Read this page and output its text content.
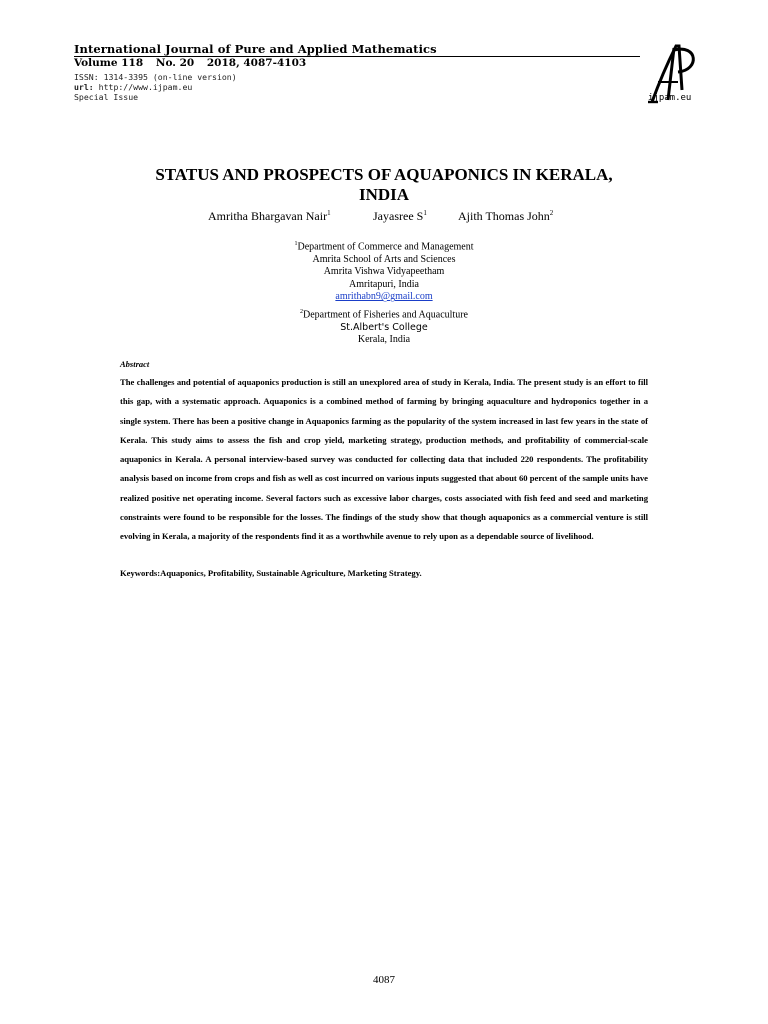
International Journal of Pure and Applied Mathematics
Volume 118 No. 20 2018, 4087-4103
ISSN: 1314-3395 (on-line version)
url: http://www.ijpam.eu
Special Issue	ijpam.eu
STATUS AND PROSPECTS OF AQUAPONICS IN KERALA,
INDIA
Amritha Bhargavan Nair$^1$	Jayasree $S^1$	Ajith Thomas John$^2$
$^1$Department of Commerce and Management
Amrita School of Arts and Sciences
Amrita Vishwa Vidyapeetham
Amritapuri, India
amrithabn9@gmail.com
$^2$Department of Fisheries and Aquaculture
St.Albert's College
Kerala, India
Abstract
The challenges and potential of aquaponics production is still an unexplored area of study in Kerala, India. The present study is an effort to fill this gap, with a systematic approach. Aquaponics is a combined method of farming by bringing aquaculture and hydroponics together in a single system. There has been a positive change in Aquaponics farming as the popularity of the system increased in last few years in the state of Kerala. This study aims to assess the fish and crop yield, marketing strategy, production methods, and profitability of commercial-scale aquaponics in Kerala. A personal interview-based survey was conducted for collecting data that included 220 respondents. The profitability analysis based on income from crops and fish as well as cost incurred on various inputs suggested that about 60 percent of the sample units have realized positive net operating income. Several factors such as excessive labor charges, costs associated with fish feed and seed and marketing constraints were found to be responsible for the losses. The findings of the study show that though aquaponics as a commercial venture is still evolving in Kerala, a majority of the respondents find it as a worthwhile avenue to rely upon as a dependable source of livelihood.
Keywords:Aquaponics, Profitability, Sustainable Agriculture, Marketing Strategy.
4087
